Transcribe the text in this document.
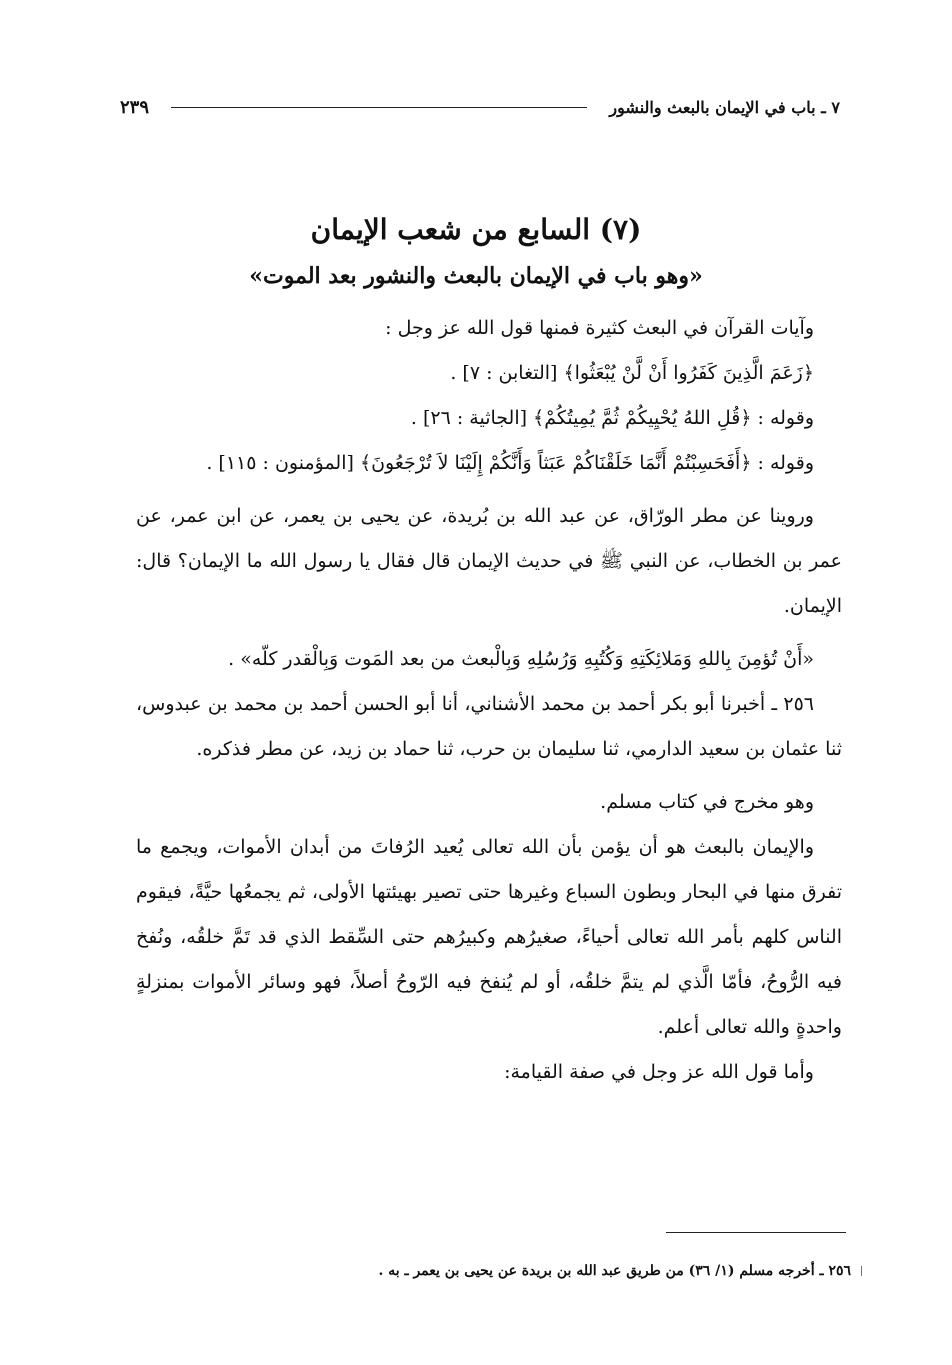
٧ ـ باب في الإيمان بالبعث والنشور
٢٣٩
(٧) السابع من شعب الإيمان
«وهو باب في الإيمان بالبعث والنشور بعد الموت»

وآيات القرآن في البعث كثيرة فمنها قول الله عز وجل :

﴿زَعَمَ الَّذِينَ كَفَرُوا أَنْ لَّنْ يُبْعَثُوا﴾ [التغابن : ٧] .

وقوله : ﴿قُلِ اللهُ يُحْيِيكُمْ ثُمَّ يُمِيتُكُمْ﴾ [الجاثية : ٢٦] .

وقوله : ﴿أَفَحَسِبْتُمْ أَنَّمَا خَلَقْنَاكُمْ عَبَثاً وَأَنَّكُمْ إِلَيْنَا لاَ تُرْجَعُونَ﴾ [المؤمنون : ١١٥] .

وروينا عن مطر الورّاق، عن عبد الله بن بُريدة، عن يحيى بن يعمر، عن ابن عمر، عن عمر بن الخطاب، عن النبي ﷺ في حديث الإيمان قال فقال يا رسول الله ما الإيمان؟ قال: الإيمان.

«أَنْ تُؤمِنَ بِاللهِ وَمَلائِكَتِهِ وَكُتُبِهِ وَرُسُلِهِ وَبِالْبعث من بعد المَوت وَبِالْقدر كلّه» .

٢٥٦ ـ أخبرنا أبو بكر أحمد بن محمد الأشناني، أنا أبو الحسن أحمد بن محمد بن عبدوس، ثنا عثمان بن سعيد الدارمي، ثنا سليمان بن حرب، ثنا حماد بن زيد، عن مطر فذكره.

وهو مخرج في كتاب مسلم.

والإيمان بالبعث هو أن يؤمن بأن الله تعالى يُعيد الرُفاتَ من أبدان الأموات، ويجمع ما تفرق منها في البحار وبطون السباع وغيرها حتى تصير بهيئتها الأولى، ثم يجمعُها حيَّةً، فيقوم الناس كلهم بأمر الله تعالى أحياءً، صغيرُهم وكبيرُهم حتى السِّقط الذي قد تَمَّ خلقُه، ونُفخ فيه الرُّوحُ، فأمّا الَّذي لم يتمَّ خلقُه، أو لم يُنفخ فيه الرّوحُ أصلاً، فهو وسائر الأموات بمنزلةٍ واحدةٍ والله تعالى أعلم.

وأما قول الله عز وجل في صفة القيامة:

٢٥٦ ـ أخرجه مسلم (١/ ٣٦) من طريق عبد الله بن بريدة عن يحيى بن يعمر ـ به .
